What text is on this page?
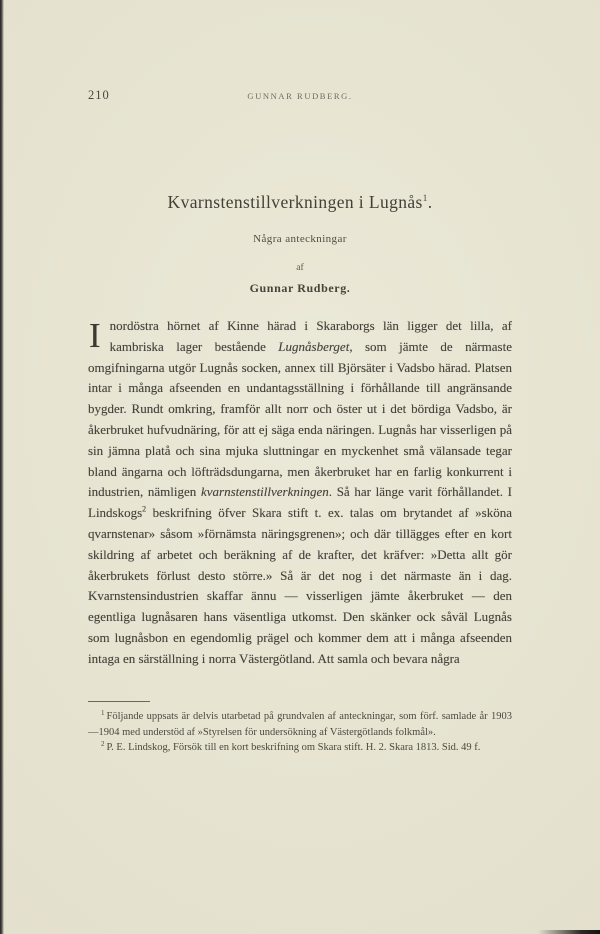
210	GUNNAR RUDBERG.
Kvarnstenstillverkningen i Lugnås$^1$.
Några anteckningar
af
Gunnar Rudberg.

Inordöstra hörnet af Kinne härad i Skaraborgs län ligger det lilla, af kambriska lager bestående Lugnåsberget, som jämte de närmaste omgifningarna utgör Lugnås socken, annex till Björsäter i Vadsbo härad. Platsen intar i många afseenden en undantagsställning i förhållande till angränsande bygder. Rundt omkring, framför allt norr och öster ut i det bördiga Vadsbo, är åkerbruket hufvudnäring, för att ej säga enda näringen. Lugnås har visserligen på sin jämna platå och sina mjuka sluttningar en myckenhet små välansade tegar bland ängarna och löfträdsdungarna, men åkerbruket har en farlig konkurrent i industrien, nämligen kvarnstenstillverkningen. Så har länge varit förhållandet. I Lindskogs$^2$ beskrifning öfver Skara stift t. ex. talas om brytandet af »sköna qvarnstenar» såsom »förnämsta näringsgrenen»; och där tillägges efter en kort skildring af arbetet och beräkning af de krafter, det kräfver: »Detta allt gör åkerbrukets förlust desto större.» Så är det nog i det närmaste än i dag. Kvarnstensindustrien skaffar ännu — visserligen jämte åkerbruket — den egentliga lugnåsaren hans väsentliga utkomst. Den skänker ock såväl Lugnås som lugnåsbon en egendomlig prägel och kommer dem att i många afseenden intaga en särställning i norra Västergötland. Att samla och bevara några

$^1$ Följande uppsats är delvis utarbetad på grundvalen af anteckningar, som förf. samlade år 1903—1904 med understöd af »Styrelsen för undersökning af Västergötlands folkmål».

$^2$ P. E. Lindskog, Försök till en kort beskrifning om Skara stift. H. 2. Skara 1813. Sid. 49 f.
